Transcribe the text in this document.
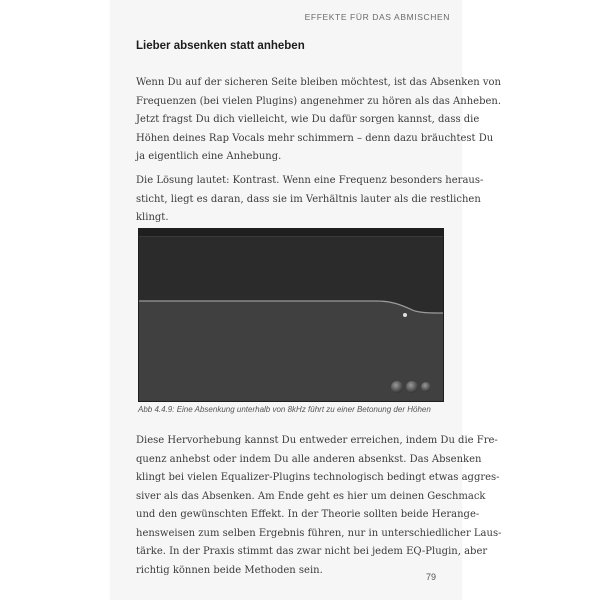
EFFEKTE FÜR DAS ABMISCHEN
Lieber absenken statt anheben
Wenn Du auf der sicheren Seite bleiben möchtest, ist das Absenken von
Frequenzen (bei vielen Plugins) angenehmer zu hören als das Anheben.
Jetzt fragst Du dich vielleicht, wie Du dafür sorgen kannst, dass die
Höhen deines Rap Vocals mehr schimmern – denn dazu bräuchtest Du
ja eigentlich eine Anhebung.
Die Lösung lautet: Kontrast. Wenn eine Frequenz besonders heraus-
sticht, liegt es daran, dass sie im Verhältnis lauter als die restlichen
klingt.
Abb 4.4.9: Eine Absenkung unterhalb von 8kHz führt zu einer Betonung der Höhen
Diese Hervorhebung kannst Du entweder erreichen, indem Du die Fre-
quenz anhebst oder indem Du alle anderen absenkst. Das Absenken
klingt bei vielen Equalizer-Plugins technologisch bedingt etwas aggres-
siver als das Absenken. Am Ende geht es hier um deinen Geschmack
und den gewünschten Effekt. In der Theorie sollten beide Herange-
hensweisen zum selben Ergebnis führen, nur in unterschiedlicher Laus-
tärke. In der Praxis stimmt das zwar nicht bei jedem EQ-Plugin, aber
richtig können beide Methoden sein.
79
